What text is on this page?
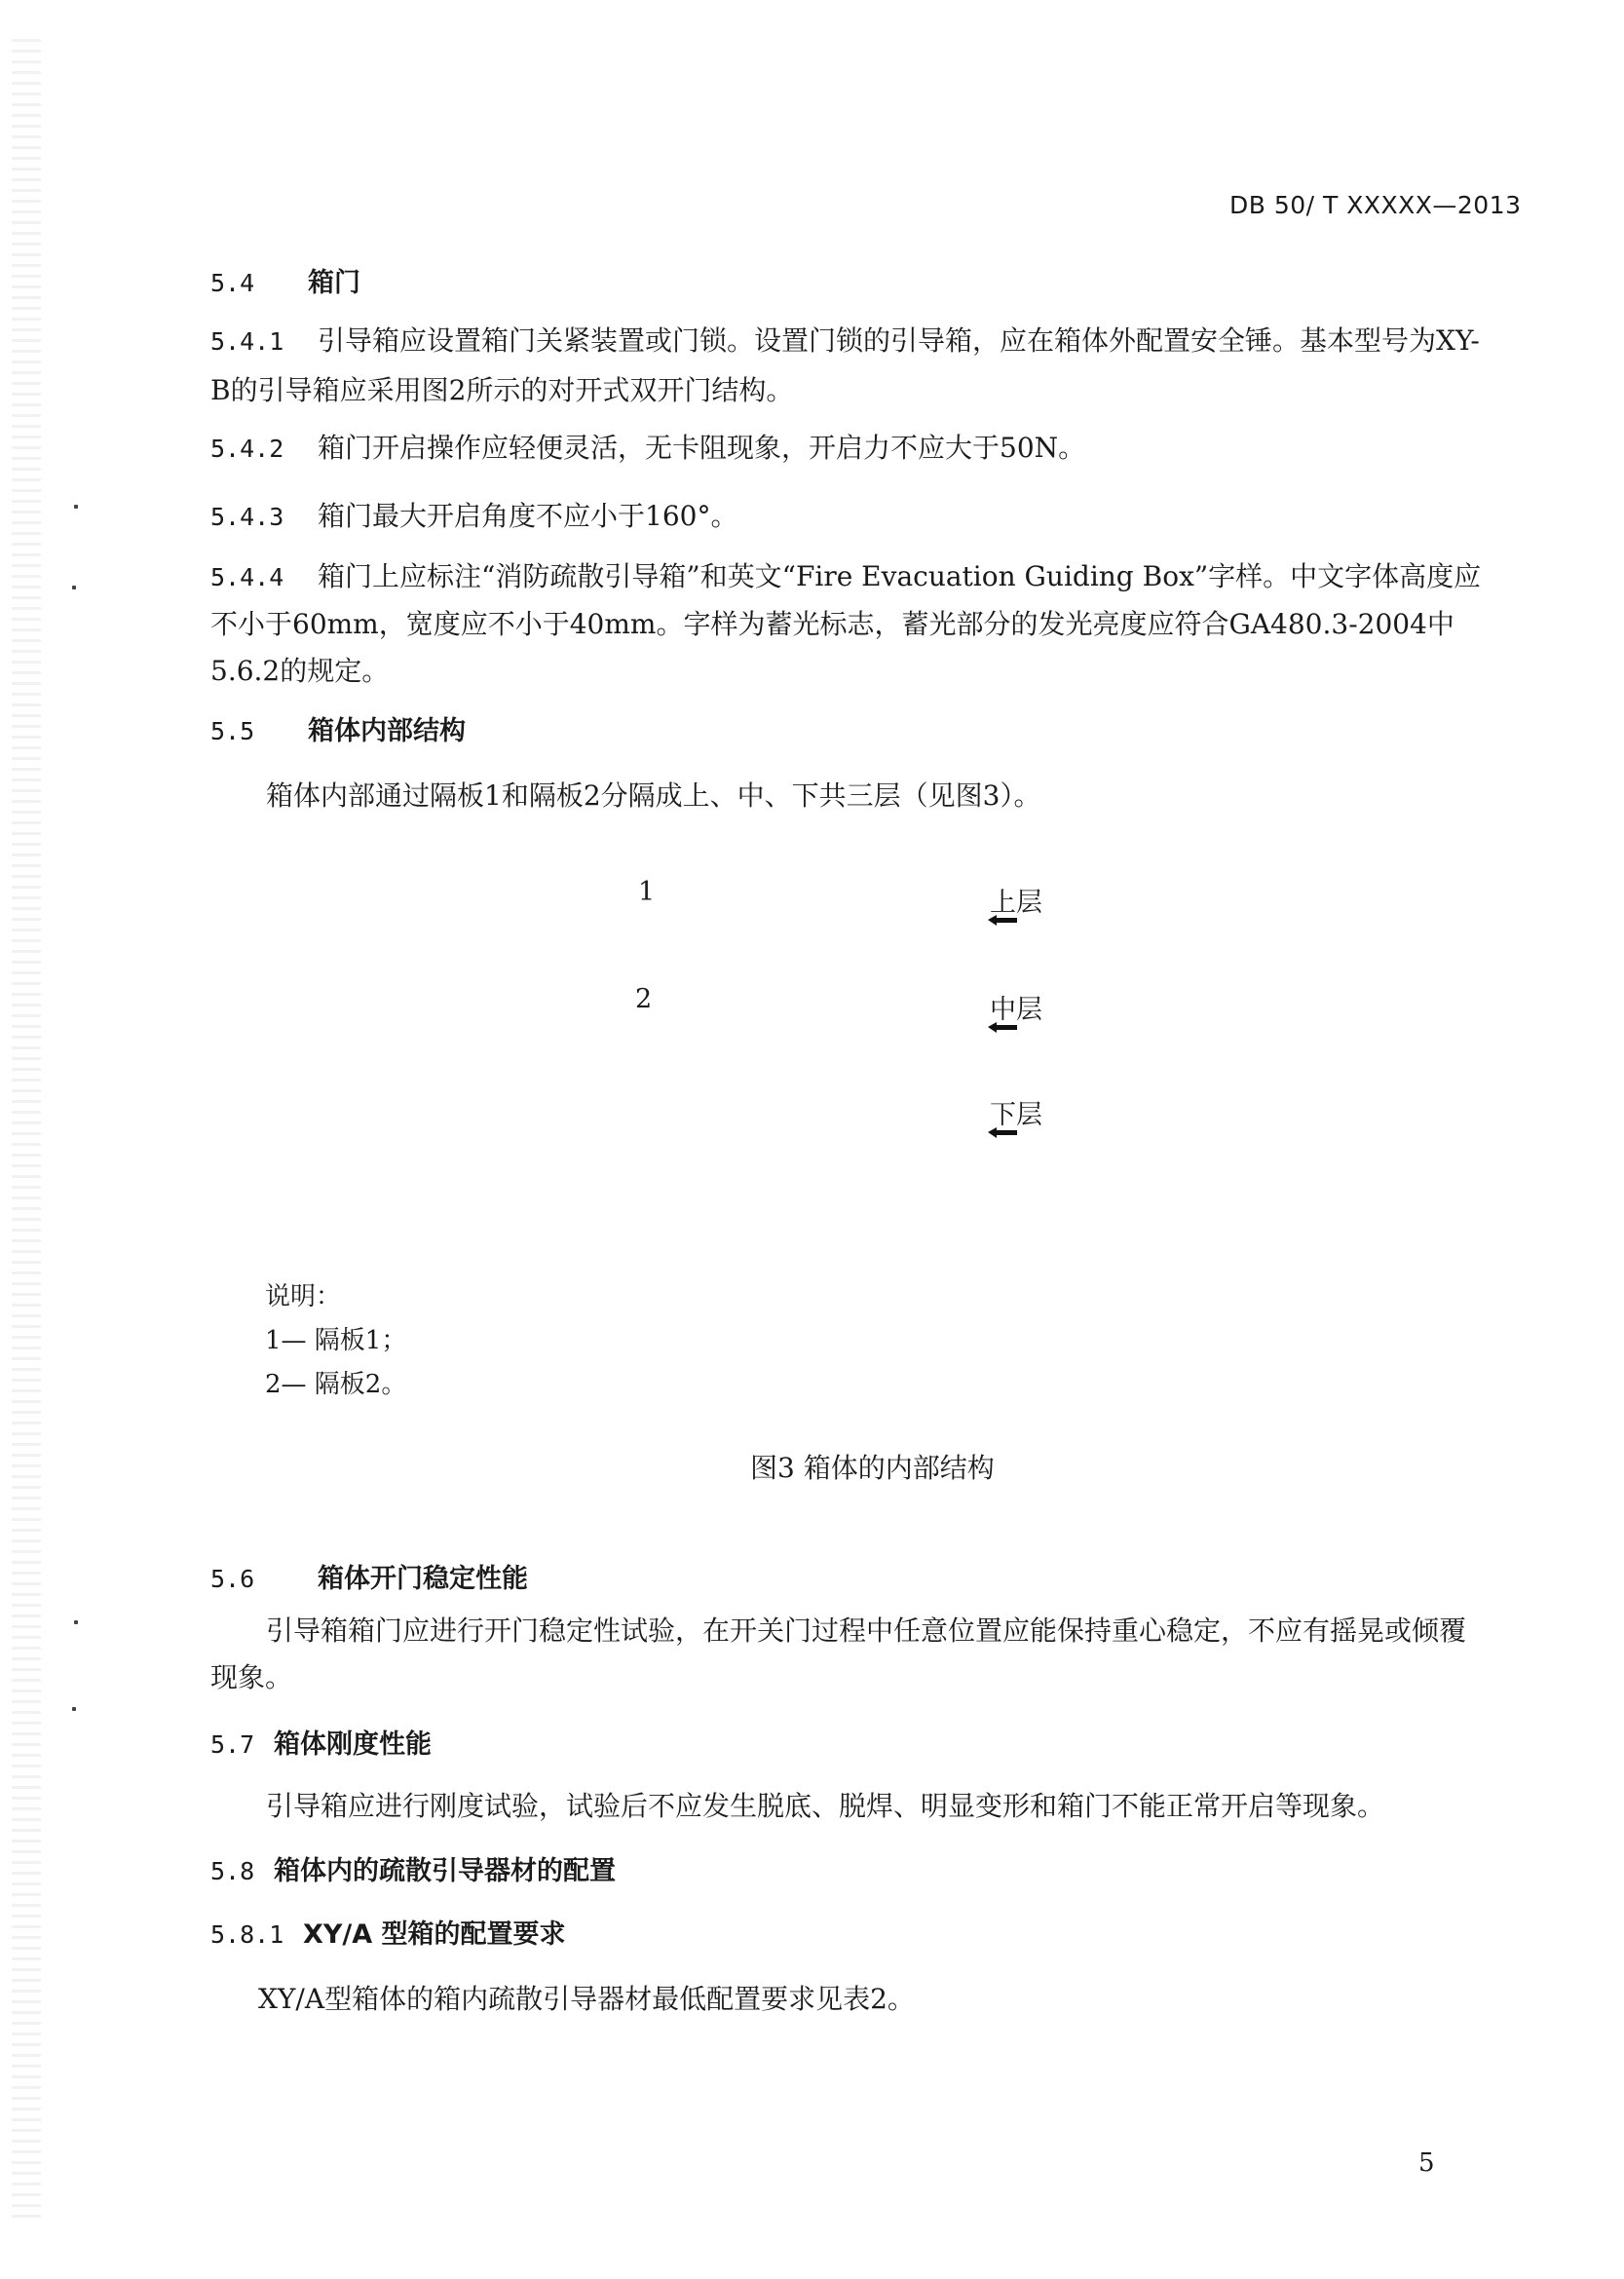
DB 50/ T XXXXX—2013
5.4 箱门
5.4.1 引导箱应设置箱门关紧装置或门锁。设置门锁的引导箱，应在箱体外配置安全锤。基本型号为XY-B的引导箱应采用图2所示的对开式双开门结构。
5.4.2 箱门开启操作应轻便灵活，无卡阻现象，开启力不应大于50N。
5.4.3 箱门最大开启角度不应小于160°。
5.4.4 箱门上应标注“消防疏散引导箱”和英文“Fire Evacuation Guiding Box”字样。中文字体高度应不小于60mm，宽度应不小于40mm。字样为蓄光标志，蓄光部分的发光亮度应符合GA480.3-2004中5.6.2的规定。
5.5 箱体内部结构
箱体内部通过隔板1和隔板2分隔成上、中、下共三层（见图3）。
1
2
上层
中层
下层
说明：
1— 隔板1；
2— 隔板2。
图3 箱体的内部结构
5.6 箱体开门稳定性能
引导箱箱门应进行开门稳定性试验，在开关门过程中任意位置应能保持重心稳定，不应有摇晃或倾覆现象。
5.7 箱体刚度性能
引导箱应进行刚度试验，试验后不应发生脱底、脱焊、明显变形和箱门不能正常开启等现象。
5.8 箱体内的疏散引导器材的配置
5.8.1 XY/A 型箱的配置要求
XY/A型箱体的箱内疏散引导器材最低配置要求见表2。
5
